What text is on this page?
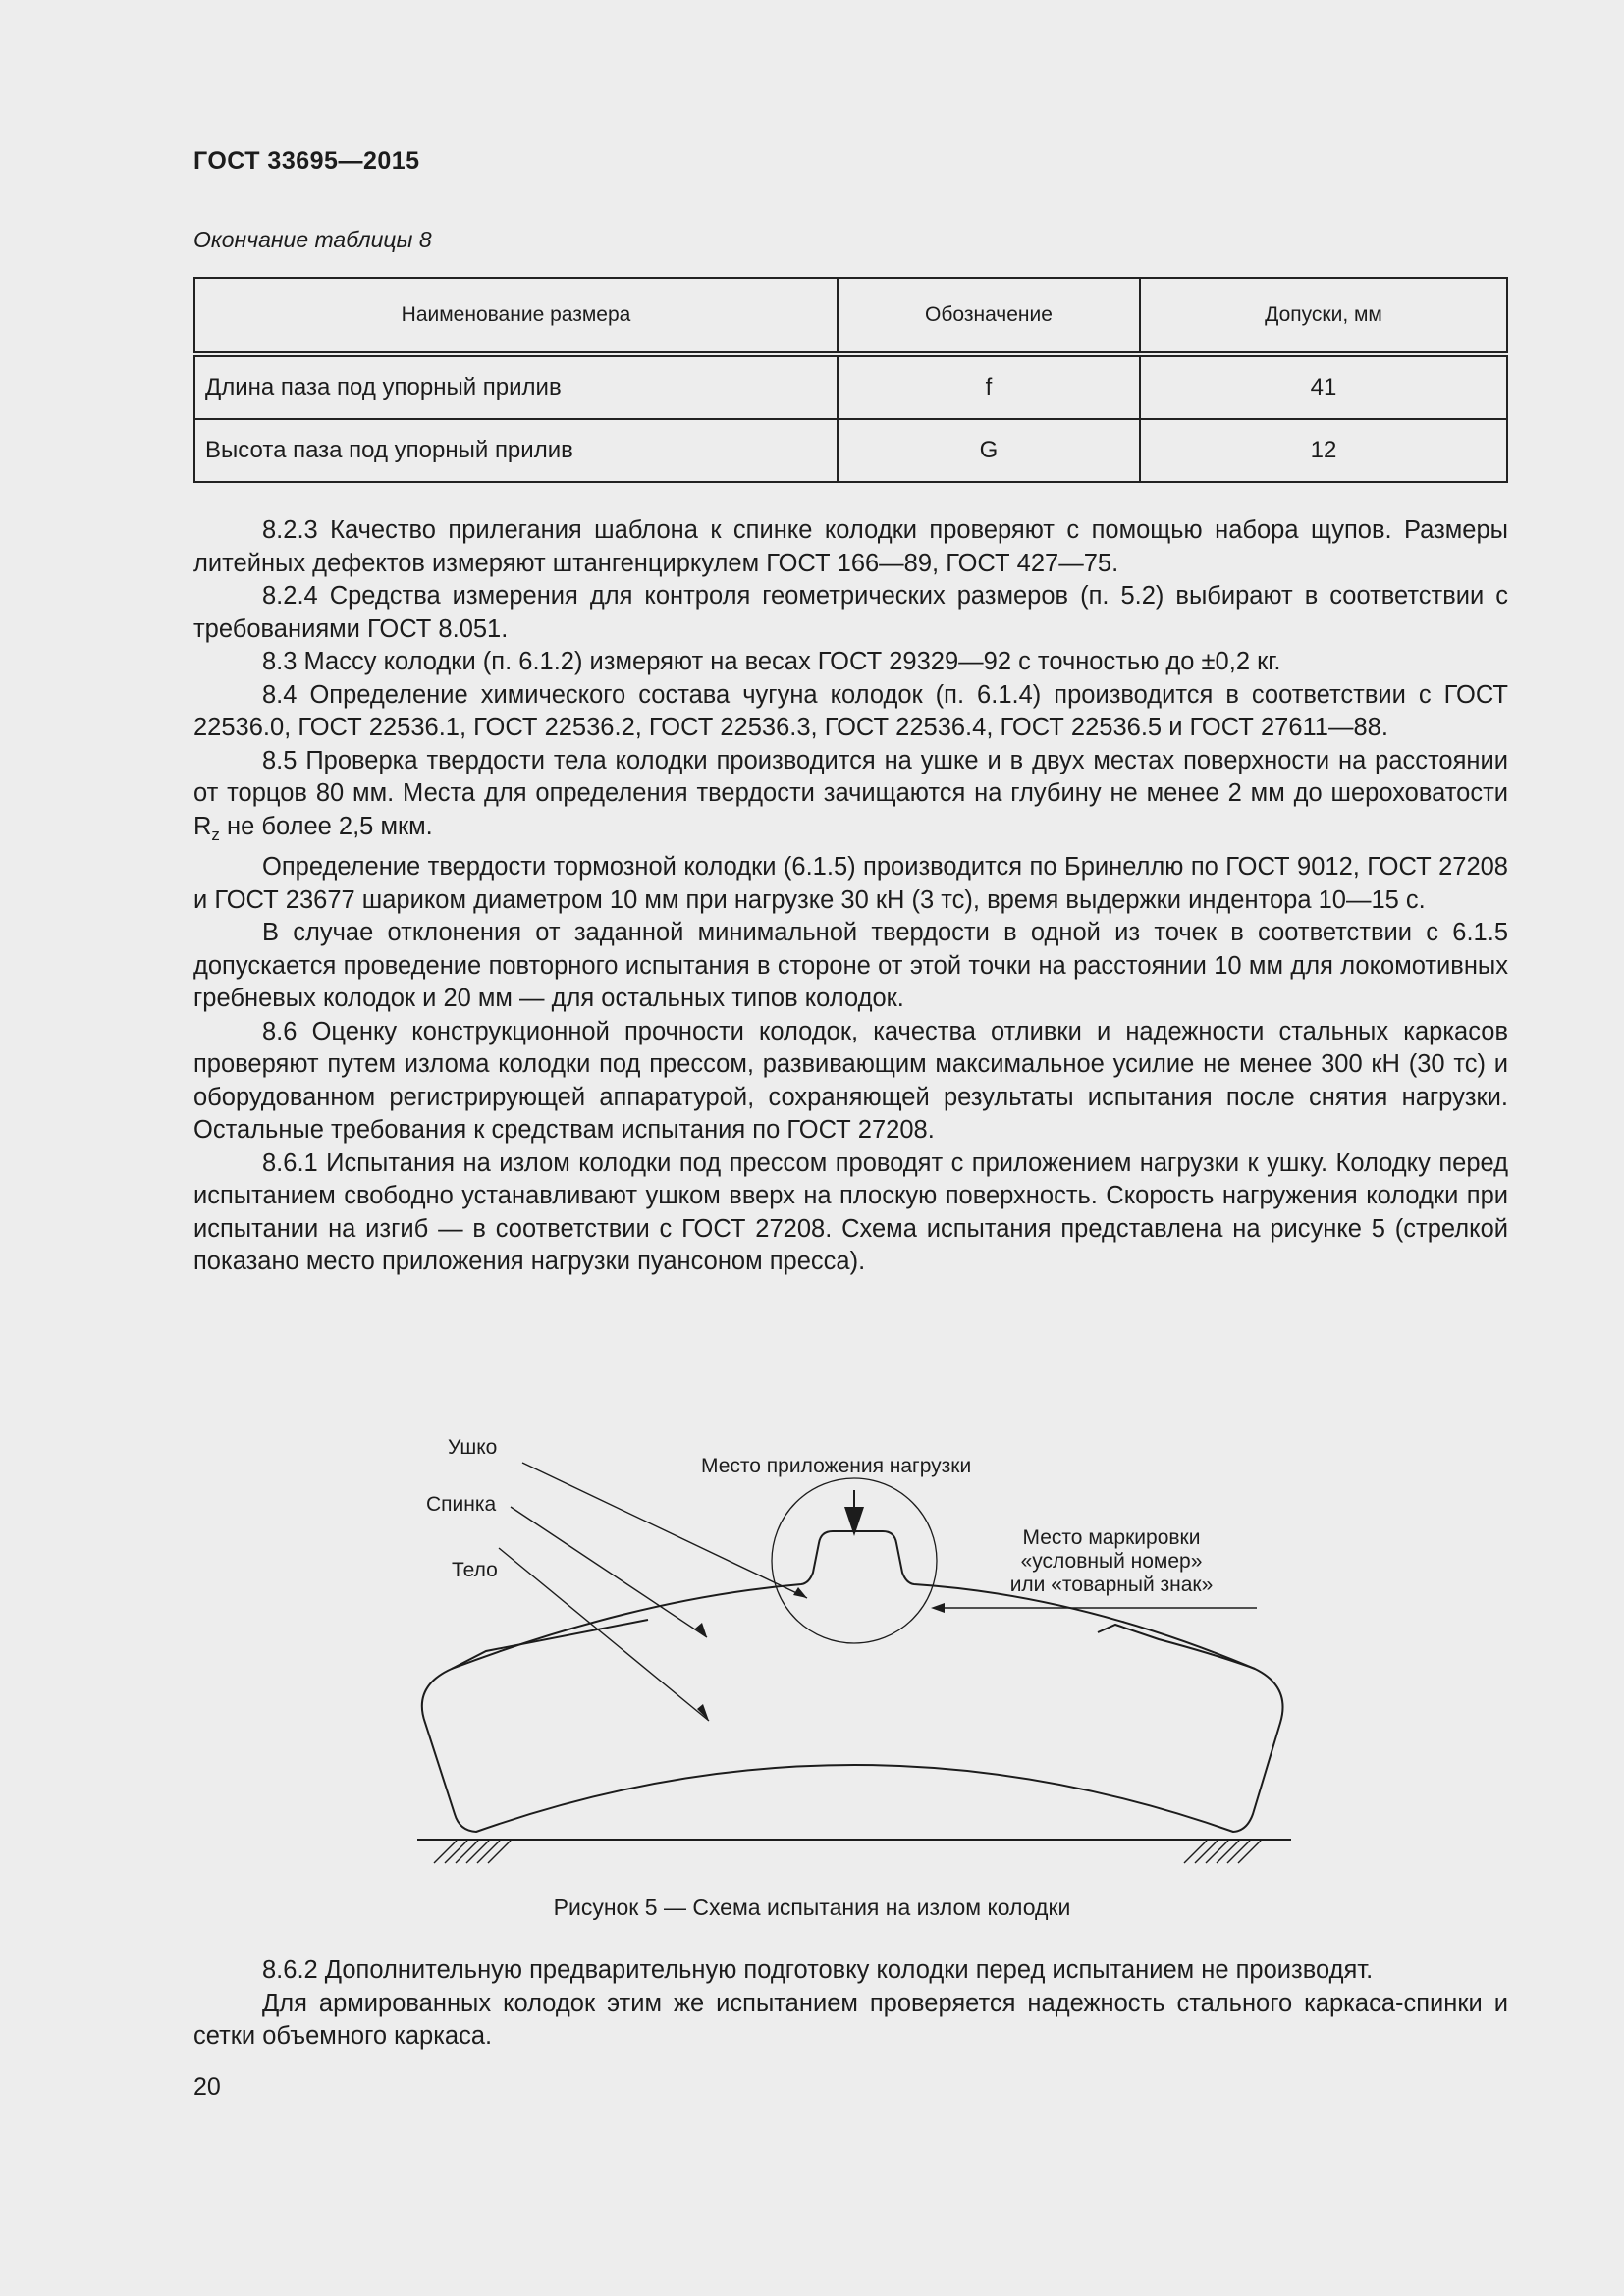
ГОСТ 33695—2015
Окончание таблицы 8
Наименование размера	Обозначение	Допуски, мм
Длина паза под упорный прилив	f	41
Высота паза под упорный прилив	G	12

8.2.3 Качество прилегания шаблона к спинке колодки проверяют с помощью набора щупов. Размеры литейных дефектов измеряют штангенциркулем ГОСТ 166—89, ГОСТ 427—75.

8.2.4 Средства измерения для контроля геометрических размеров (п. 5.2) выбирают в соответствии с требованиями ГОСТ 8.051.

8.3 Массу колодки (п. 6.1.2) измеряют на весах ГОСТ 29329—92 с точностью до ±0,2 кг.

8.4 Определение химического состава чугуна колодок (п. 6.1.4) производится в соответствии с ГОСТ 22536.0, ГОСТ 22536.1, ГОСТ 22536.2, ГОСТ 22536.3, ГОСТ 22536.4, ГОСТ 22536.5 и ГОСТ 27611—88.

8.5 Проверка твердости тела колодки производится на ушке и в двух местах поверхности на расстоянии от торцов 80 мм. Места для определения твердости зачищаются на глубину не менее 2 мм до шероховатости $R_z$ не более 2,5 мкм.

Определение твердости тормозной колодки (6.1.5) производится по Бринеллю по ГОСТ 9012, ГОСТ 27208 и ГОСТ 23677 шариком диаметром 10 мм при нагрузке 30 кН (3 тс), время выдержки индентора 10—15 с.

В случае отклонения от заданной минимальной твердости в одной из точек в соответствии с 6.1.5 допускается проведение повторного испытания в стороне от этой точки на расстоянии 10 мм для локомотивных гребневых колодок и 20 мм — для остальных типов колодок.

8.6 Оценку конструкционной прочности колодок, качества отливки и надежности стальных каркасов проверяют путем излома колодки под прессом, развивающим максимальное усилие не менее 300 кН (30 тс) и оборудованном регистрирующей аппаратурой, сохраняющей результаты испытания после снятия нагрузки. Остальные требования к средствам испытания по ГОСТ 27208.

8.6.1 Испытания на излом колодки под прессом проводят с приложением нагрузки к ушку. Колодку перед испытанием свободно устанавливают ушком вверх на плоскую поверхность. Скорость нагружения колодки при испытании на изгиб — в соответствии с ГОСТ 27208. Схема испытания представлена на рисунке 5 (стрелкой показано место приложения нагрузки пуансоном пресса).

Ушко
Спинка
Тело
Место приложения нагрузки
Место маркировки
«условный номер»
или «товарный знак»
Рисунок 5 — Схема испытания на излом колодки

8.6.2 Дополнительную предварительную подготовку колодки перед испытанием не производят.

Для армированных колодок этим же испытанием проверяется надежность стального каркаса-спинки и сетки объемного каркаса.

20
